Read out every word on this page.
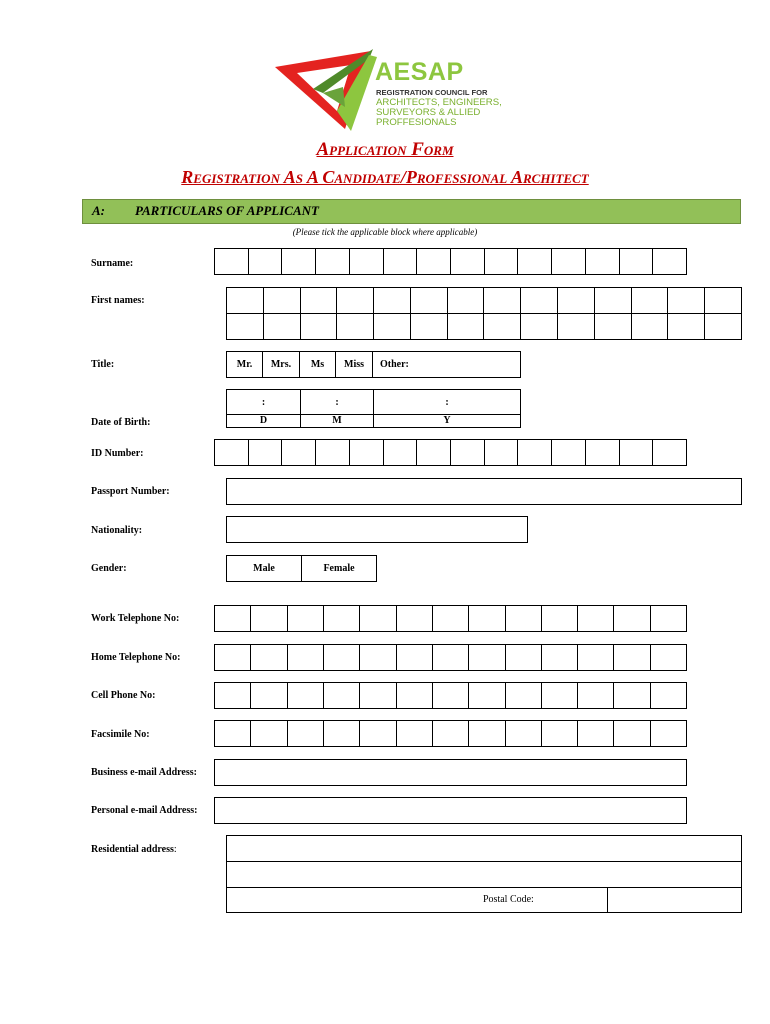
AESAP
REGISTRATION COUNCIL FOR
ARCHITECTS, ENGINEERS,
SURVEYORS & ALLIED
PROFFESIONALS
Application Form
Registration As A Candidate/Professional Architect
A: PARTICULARS OF APPLICANT
(Please tick the applicable block where applicable)
Surname:
First names:
Title:	Mr.	Mrs.	Ms	Miss	Other:
Date of Birth:
:	:	:
D	M	Y
ID Number:
Passport Number:
Nationality:
Gender:	Male	Female
Work Telephone No:
Home Telephone No:
Cell Phone No:
Facsimile No:
Business e-mail Address:
Personal e-mail Address:
Residential address:
Postal Code:
